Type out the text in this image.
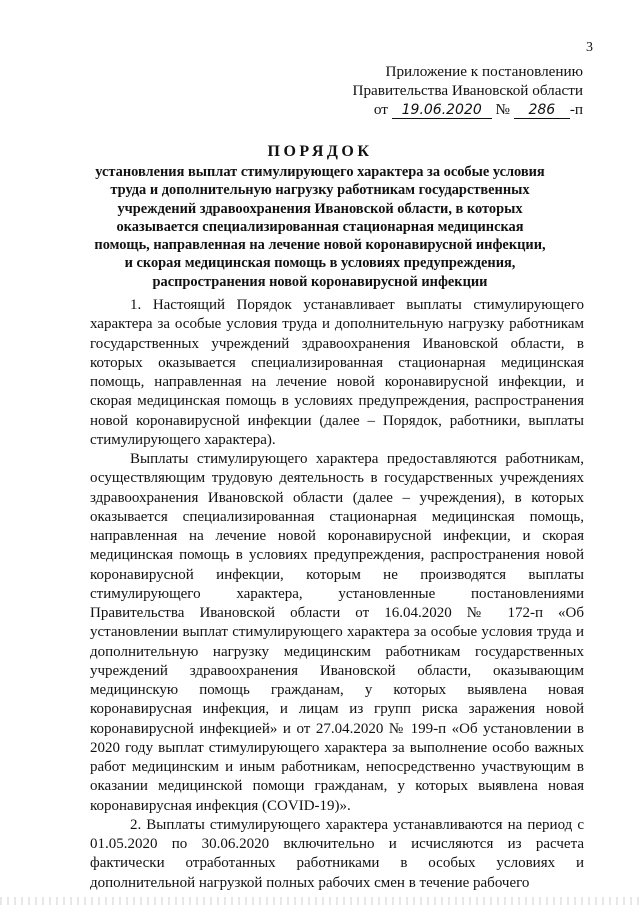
3
Приложение к постановлению
Правительства Ивановской области
от 19.06.2020 № 286 -п
ПОРЯДОК
установления выплат стимулирующего характера за особые условия труда и дополнительную нагрузку работникам государственных учреждений здравоохранения Ивановской области, в которых оказывается специализированная стационарная медицинская помощь, направленная на лечение новой коронавирусной инфекции, и скорая медицинская помощь в условиях предупреждения, распространения новой коронавирусной инфекции

1. Настоящий Порядок устанавливает выплаты стимулирующего характера за особые условия труда и дополнительную нагрузку работникам государственных учреждений здравоохранения Ивановской области, в которых оказывается специализированная стационарная медицинская помощь, направленная на лечение новой коронавирусной инфекции, и скорая медицинская помощь в условиях предупреждения, распространения новой коронавирусной инфекции (далее – Порядок, работники, выплаты стимулирующего характера).

Выплаты стимулирующего характера предоставляются работникам, осуществляющим трудовую деятельность в государственных учреждениях здравоохранения Ивановской области (далее – учреждения), в которых оказывается специализированная стационарная медицинская помощь, направленная на лечение новой коронавирусной инфекции, и скорая медицинская помощь в условиях предупреждения, распространения новой коронавирусной инфекции, которым не производятся выплаты стимулирующего характера, установленные постановлениями Правительства Ивановской области от 16.04.2020 № 172-п «Об установлении выплат стимулирующего характера за особые условия труда и дополнительную нагрузку медицинским работникам государственных учреждений здравоохранения Ивановской области, оказывающим медицинскую помощь гражданам, у которых выявлена новая коронавирусная инфекция, и лицам из групп риска заражения новой коронавирусной инфекцией» и от 27.04.2020 № 199-п «Об установлении в 2020 году выплат стимулирующего характера за выполнение особо важных работ медицинским и иным работникам, непосредственно участвующим в оказании медицинской помощи гражданам, у которых выявлена новая коронавирусная инфекция (COVID-19)».

2. Выплаты стимулирующего характера устанавливаются на период с 01.05.2020 по 30.06.2020 включительно и исчисляются из расчета фактически отработанных работниками в особых условиях и дополнительной нагрузкой полных рабочих смен в течение рабочего
